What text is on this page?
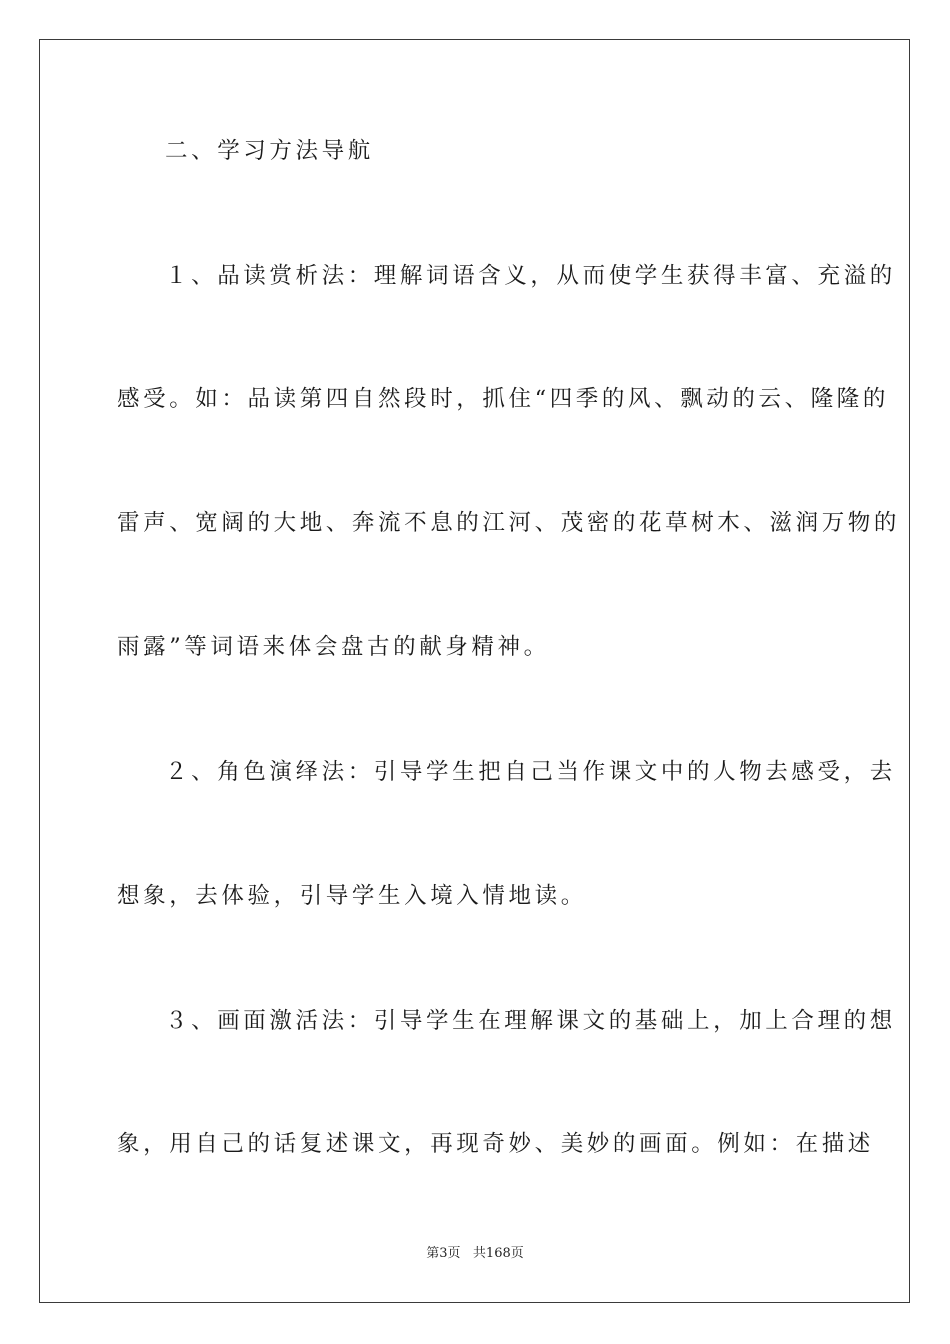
二、学习方法导航
１、品读赏析法：理解词语含义，从而使学生获得丰富、充溢的
感受。如：品读第四自然段时，抓住“四季的风、飘动的云、隆隆的
雷声、宽阔的大地、奔流不息的江河、茂密的花草树木、滋润万物的
雨露”等词语来体会盘古的献身精神。
２、角色演绎法：引导学生把自己当作课文中的人物去感受，去
想象，去体验，引导学生入境入情地读。
３、画面激活法：引导学生在理解课文的基础上，加上合理的想
象，用自己的话复述课文，再现奇妙、美妙的画面。例如：在描述
第3页 共168页
